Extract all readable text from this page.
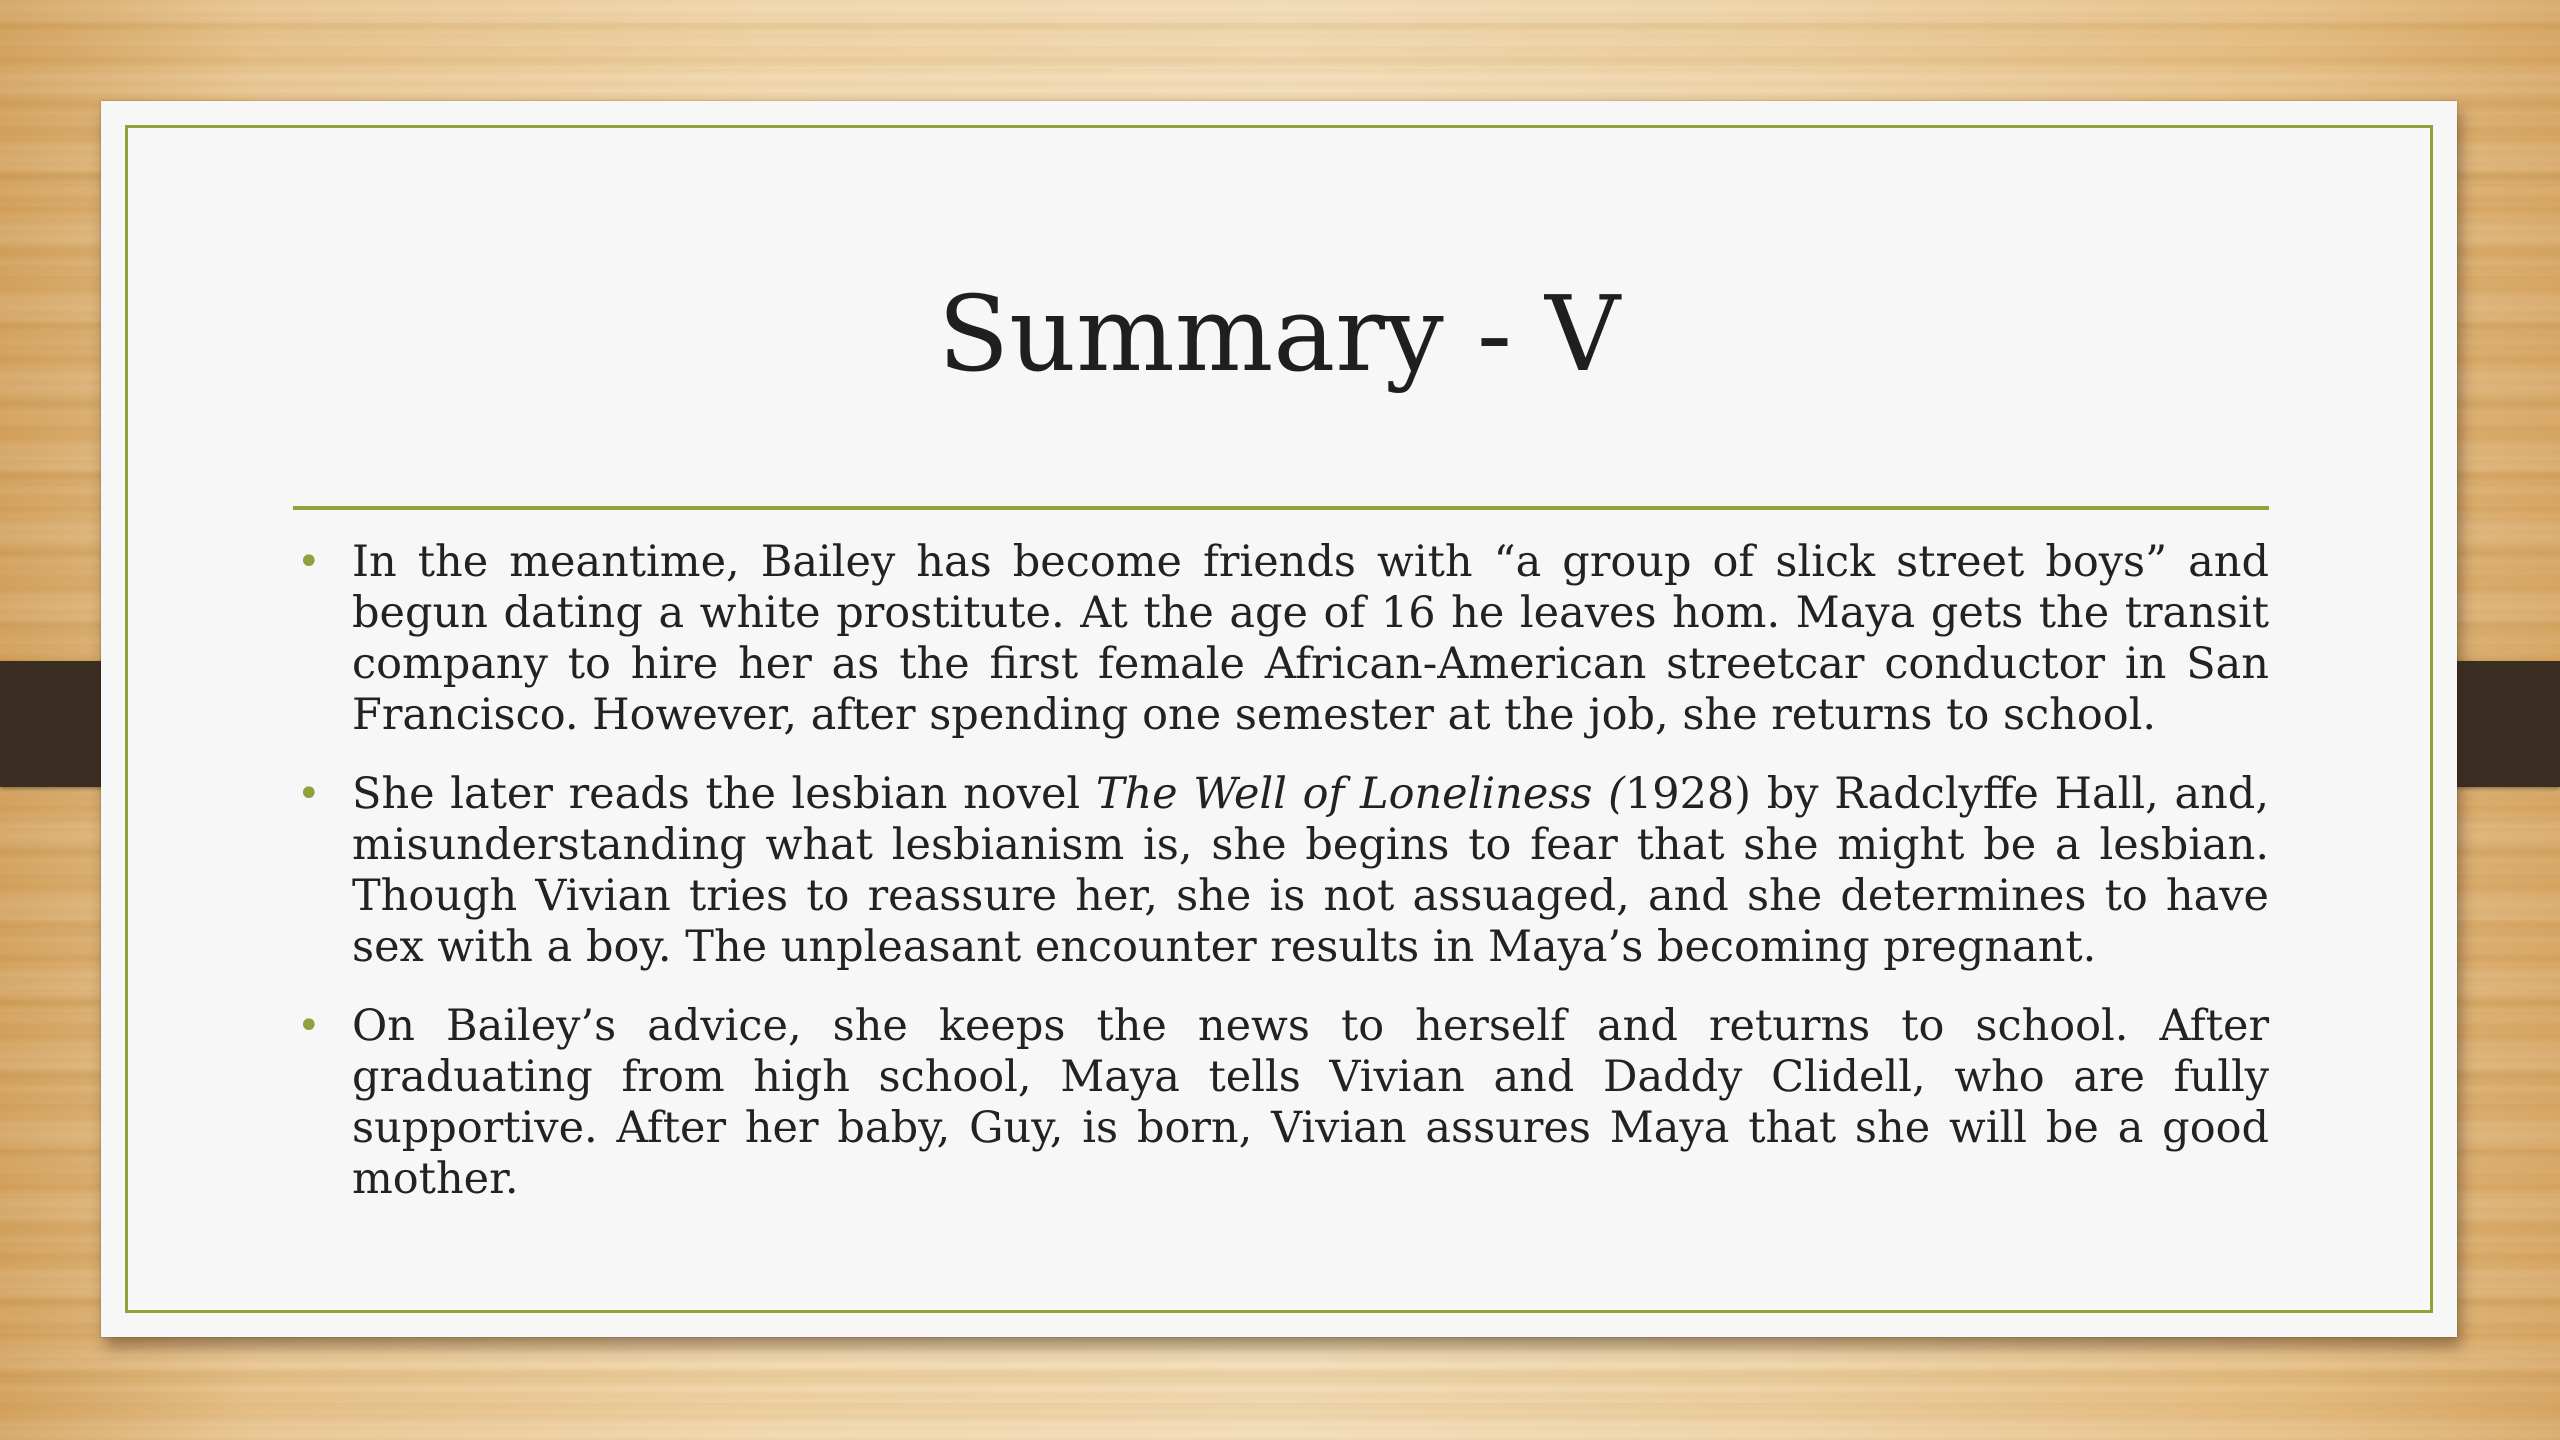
Summary - V
• In the meantime, Bailey has become friends with “a group of slick street boys” and begun dating a white prostitute. At the age of 16 he leaves hom. Maya gets the transit company to hire her as the first female African-American streetcar conductor in San Francisco. However, after spending one semester at the job, she returns to school.
• She later reads the lesbian novel The Well of Loneliness (1928) by Radclyffe Hall, and, misunderstanding what lesbianism is, she begins to fear that she might be a lesbian. Though Vivian tries to reassure her, she is not assuaged, and she determines to have sex with a boy. The unpleasant encounter results in Maya’s becoming pregnant.
• On Bailey’s advice, she keeps the news to herself and returns to school. After graduating from high school, Maya tells Vivian and Daddy Clidell, who are fully supportive. After her baby, Guy, is born, Vivian assures Maya that she will be a good mother.
